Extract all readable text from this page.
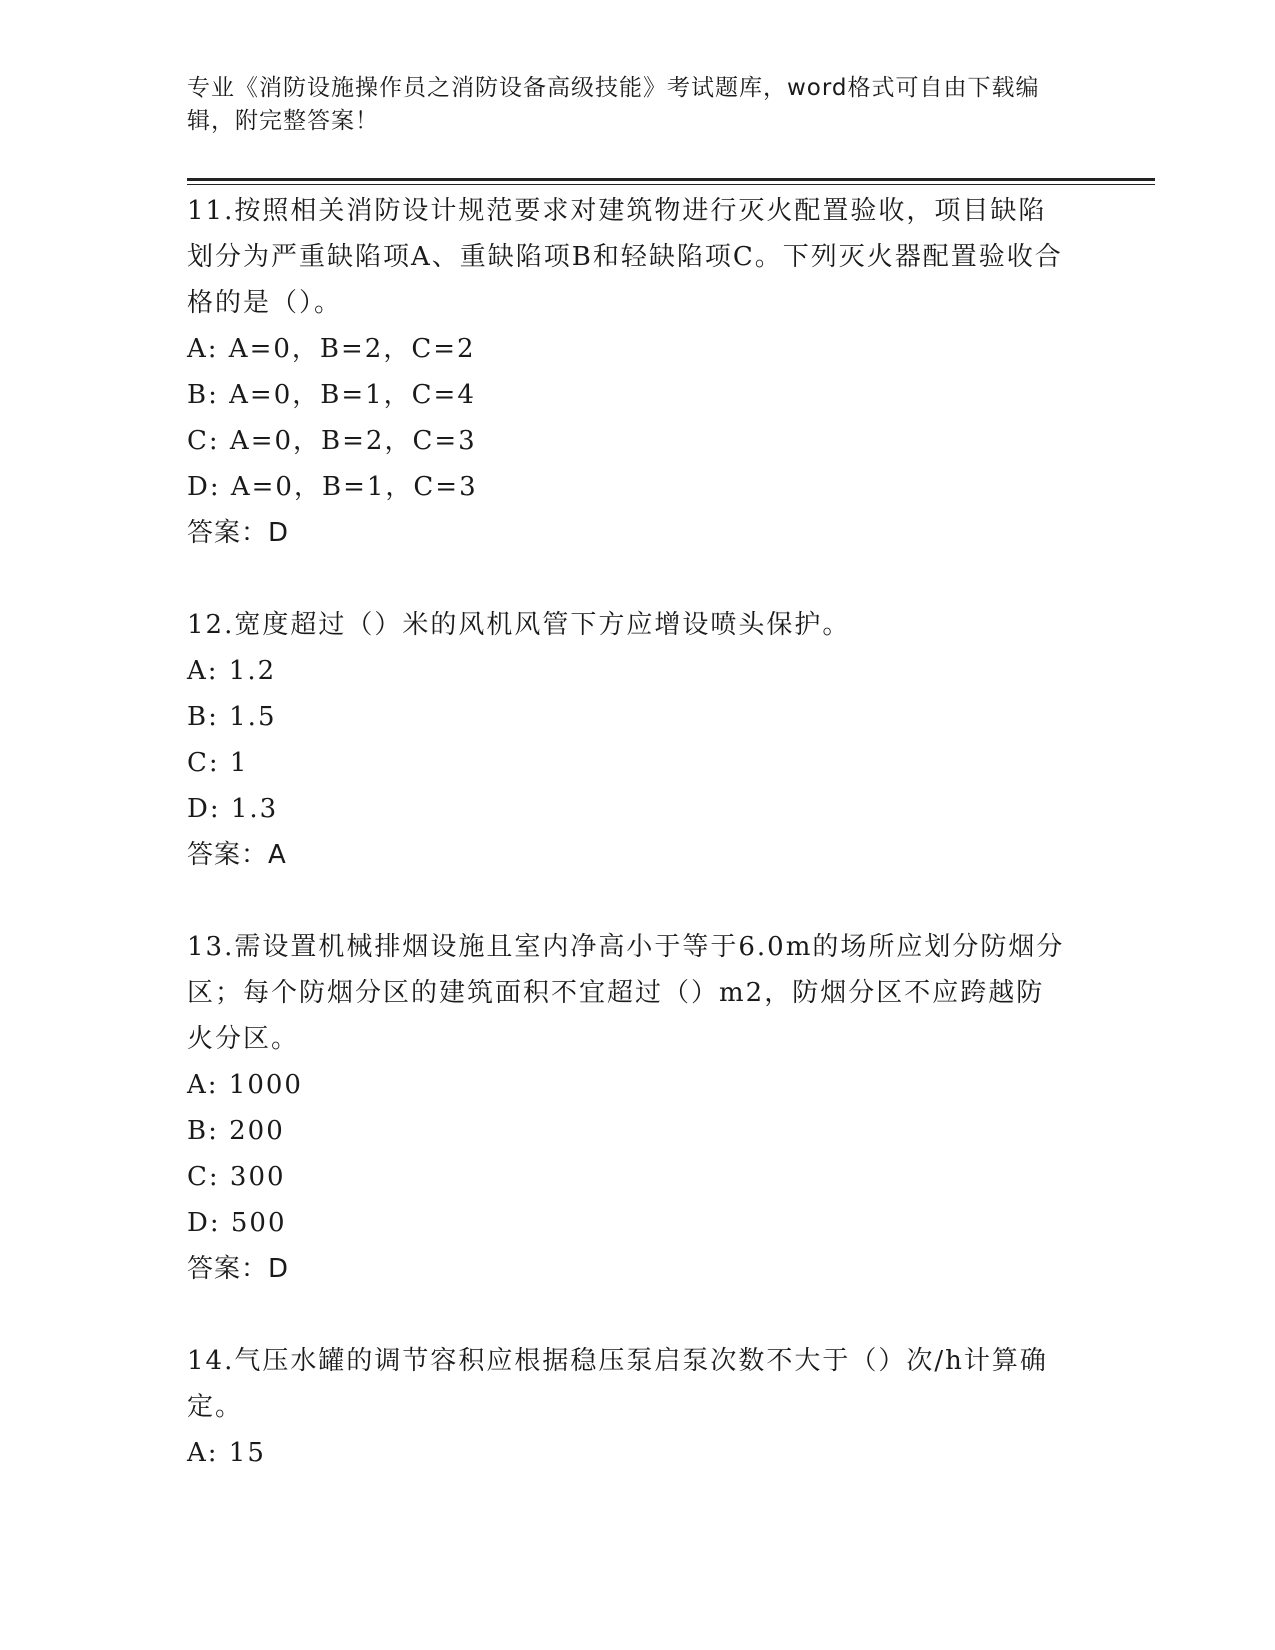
专业《消防设施操作员之消防设备高级技能》考试题库，word格式可自由下载编辑，附完整答案！

11.按照相关消防设计规范要求对建筑物进行灭火配置验收，项目缺陷划分为严重缺陷项A、重缺陷项B和轻缺陷项C。下列灭火器配置验收合格的是（）。

A: A=0，B=2，C=2

B: A=0，B=1，C=4

C: A=0，B=2，C=3

D: A=0，B=1，C=3

答案：D

12.宽度超过（）米的风机风管下方应增设喷头保护。

A: 1.2

B: 1.5

C: 1

D: 1.3

答案：A

13.需设置机械排烟设施且室内净高小于等于6.0m的场所应划分防烟分区；每个防烟分区的建筑面积不宜超过（）m2，防烟分区不应跨越防火分区。

A: 1000

B: 200

C: 300

D: 500

答案：D

14.气压水罐的调节容积应根据稳压泵启泵次数不大于（）次/h计算确定。

A: 15
